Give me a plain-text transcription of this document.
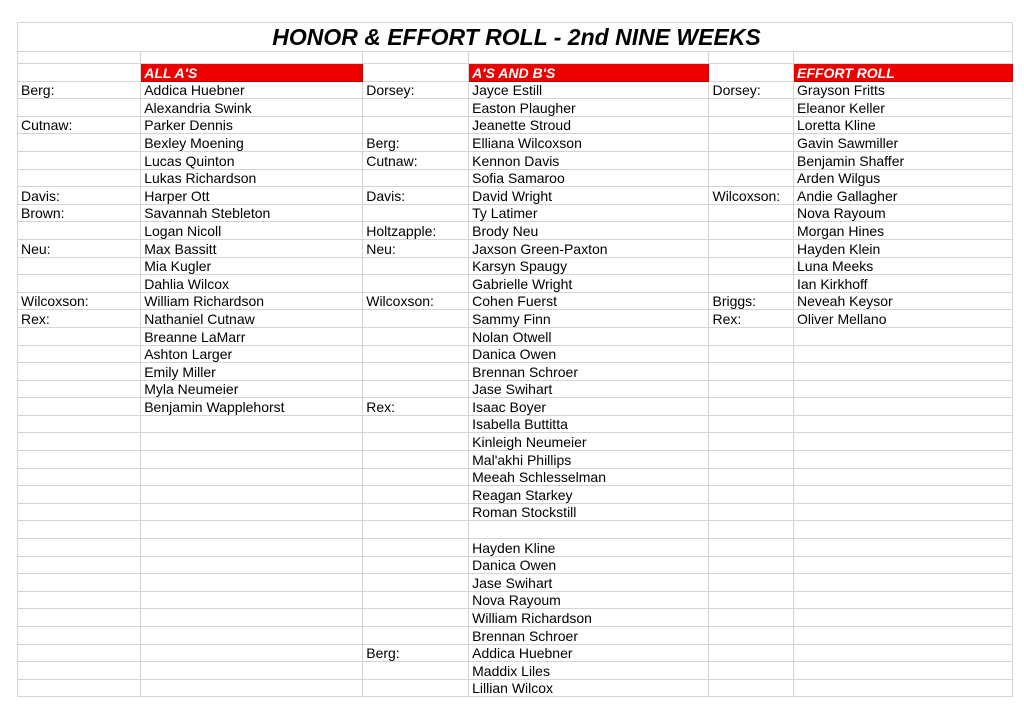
HONOR & EFFORT ROLL - 2nd NINE WEEKS					

	ALL A'S		A'S AND B'S		EFFORT ROLL
Berg:	Addica Huebner	Dorsey:	Jayce Estill	Dorsey:	Grayson Fritts
	Alexandria Swink		Easton Plaugher		Eleanor Keller
Cutnaw:	Parker Dennis		Jeanette Stroud		Loretta Kline
	Bexley Moening	Berg:	Elliana Wilcoxson		Gavin Sawmiller
	Lucas Quinton	Cutnaw:	Kennon Davis		Benjamin Shaffer
	Lukas Richardson		Sofia Samaroo		Arden Wilgus
Davis:	Harper Ott	Davis:	David Wright	Wilcoxson:	Andie Gallagher
Brown:	Savannah Stebleton		Ty Latimer		Nova Rayoum
	Logan Nicoll	Holtzapple:	Brody Neu		Morgan Hines
Neu:	Max Bassitt	Neu:	Jaxson Green-Paxton		Hayden Klein
	Mia Kugler		Karsyn Spaugy		Luna Meeks
	Dahlia Wilcox		Gabrielle Wright		Ian Kirkhoff
Wilcoxson:	William Richardson	Wilcoxson:	Cohen Fuerst	Briggs:	Neveah Keysor
Rex:	Nathaniel Cutnaw		Sammy Finn	Rex:	Oliver Mellano
	Breanne LaMarr		Nolan Otwell		
	Ashton Larger		Danica Owen		
	Emily Miller		Brennan Schroer		
	Myla Neumeier		Jase Swihart		
	Benjamin Wapplehorst	Rex:	Isaac Boyer		
			Isabella Buttitta		
			Kinleigh Neumeier		
			Mal'akhi Phillips		
			Meeah Schlesselman		
			Reagan Starkey		
			Roman Stockstill		

			Hayden Kline		
			Danica Owen		
			Jase Swihart		
			Nova Rayoum		
			William Richardson		
			Brennan Schroer		
		Berg:	Addica Huebner		
			Maddix Liles		
			Lillian Wilcox		
